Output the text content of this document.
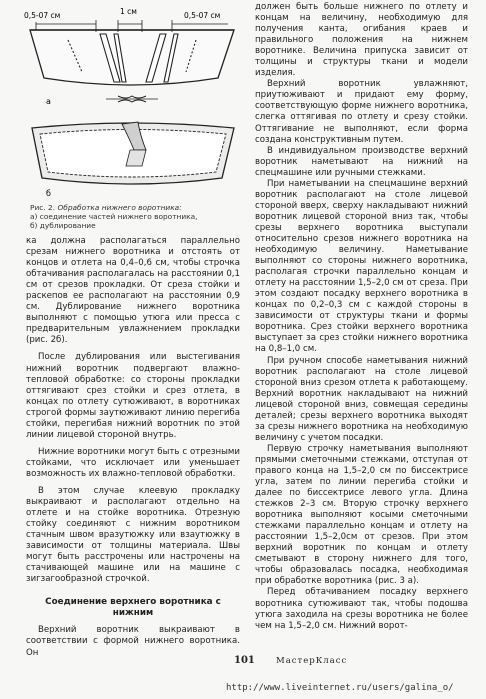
0,5-07 см	1 см	0,5-07 см
а
б
Рис. 2. Обработка нижнего воротника:
а) соединение частей нижнего воротника,
б) дублирование

ка должна располагаться параллельно срезам нижнего воротника и отстоять от концов и отлета на 0,4–0,6 см, чтобы строчка обтачивания располагалась на расстоянии 0,1 см от срезов прокладки. От среза стойки и раскепов ее располагают на расстоянии 0,9 см. Дублирование нижнего воротника выполняют с помощью утюга или пресса с предварительным увлажнением прокладки (рис. 2б).

После дублирования или выстегивания нижний воротник подвергают влажно-тепловой обработке: со стороны прокладки оттягивают срез стойки и срез отлета, в концах по отлету сутюживают, в воротниках строгой формы заутюживают линию перегиба стойки, перегибая нижний воротник по этой линии лицевой стороной внутрь.

Нижние воротники могут быть с отрезными стойками, что исключает или уменьшает возможность их влажно-тепловой обработки.

В этом случае клеевую прокладку выкраивают и располагают отдельно на отлете и на стойке воротника. Отрезную стойку соединяют с нижним воротником стачным швом вразутюжку или взаутюжку в зависимости от толщины материала. Швы могут быть расстрочены или настрочены на стачивающей машине или на машине с зигзагообразной строчкой.

Соединение верхнего воротника с нижним

Верхний воротник выкраивают в соответствии с формой нижнего воротника. Он

должен быть больше нижнего по отлету и концам на величину, необходимую для получения канта, огибания краев и правильного положения на нижнем воротнике. Величина припуска зависит от толщины и структуры ткани и модели изделия.

Верхний воротник увлажняют, приутюживают и придают ему форму, соответствующую форме нижнего воротника, слегка оттягивая по отлету и срезу стойки. Оттягивание не выполняют, если форма создана конструктивным путем.

В индивидуальном производстве верхний воротник наметывают на нижний на спецмашине или ручными стежками.

При наметывании на спецмашине верхний воротник располагают на столе лицевой стороной вверх, сверху накладывают нижний воротник лицевой стороной вниз так, чтобы срезы верхнего воротника выступали относительно срезов нижнего воротника на необходимую величину. Наметывание выполняют со стороны нижнего воротника, располагая строчки параллельно концам и отлету на расстоянии 1,5–2,0 см от среза. При этом создают посадку верхнего воротника в концах по 0,2–0,3 см с каждой стороны в зависимости от структуры ткани и формы воротника. Срез стойки верхнего воротника выступает за срез стойки нижнего воротника на 0,8–1,0 см.

При ручном способе наметывания нижний воротник располагают на столе лицевой стороной вниз срезом отлета к работающему. Верхний воротник накладывают на нижний лицевой стороной вниз, совмещая середины деталей; срезы верхнего воротника выходят за срезы нижнего воротника на необходимую величину с учетом посадки.

Первую строчку наметывания выполняют прямыми сметочными стежками, отступая от правого конца на 1,5–2,0 см по биссектрисе угла, затем по линии перегиба стойки и далее по биссектрисе левого угла. Длина стежков 2–3 см. Вторую строчку верхнего воротника выполняют косыми сметочными стежками параллельно концам и отлету на расстоянии 1,5–2,0см от срезов. При этом верхний воротник по концам и отлету сметывают в сторону нижнего для того, чтобы образовалась посадка, необходимая при обработке воротника (рис. 3 а).

Перед обтачиванием посадку верхнего воротника сутюживают так, чтобы подошва утюга заходила на срезы воротника не более чем на 1,5–2,0 см. Нижний ворот-

101 МастерКласс
http://www.liveinternet.ru/users/galina_o/
